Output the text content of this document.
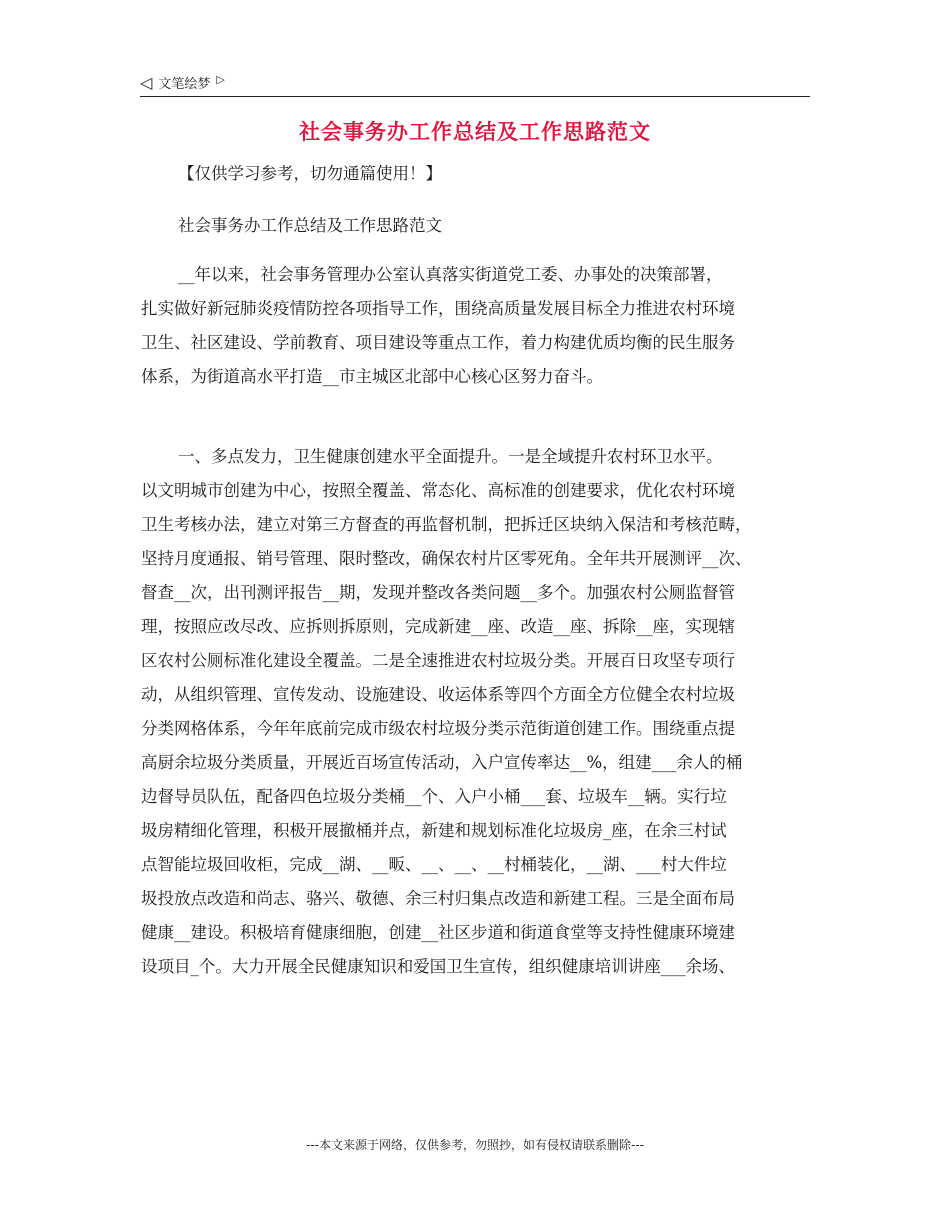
◁ 文笔绘梦 ▷
社会事务办工作总结及工作思路范文
【仅供学习参考，切勿通篇使用！】
社会事务办工作总结及工作思路范文
__年以来，社会事务管理办公室认真落实街道党工委、办事处的决策部署，
扎实做好新冠肺炎疫情防控各项指导工作，围绕高质量发展目标全力推进农村环境
卫生、社区建设、学前教育、项目建设等重点工作，着力构建优质均衡的民生服务
体系，为街道高水平打造__市主城区北部中心核心区努力奋斗。
一、多点发力，卫生健康创建水平全面提升。一是全域提升农村环卫水平。
以文明城市创建为中心，按照全覆盖、常态化、高标准的创建要求，优化农村环境
卫生考核办法，建立对第三方督查的再监督机制，把拆迁区块纳入保洁和考核范畴，
坚持月度通报、销号管理、限时整改，确保农村片区零死角。全年共开展测评__次、
督查__次，出刊测评报告__期，发现并整改各类问题__多个。加强农村公厕监督管
理，按照应改尽改、应拆则拆原则，完成新建__座、改造__座、拆除__座，实现辖
区农村公厕标准化建设全覆盖。二是全速推进农村垃圾分类。开展百日攻坚专项行
动，从组织管理、宣传发动、设施建设、收运体系等四个方面全方位健全农村垃圾
分类网格体系，今年年底前完成市级农村垃圾分类示范街道创建工作。围绕重点提
高厨余垃圾分类质量，开展近百场宣传活动，入户宣传率达__%，组建___余人的桶
边督导员队伍，配备四色垃圾分类桶__个、入户小桶___套、垃圾车__辆。实行垃
圾房精细化管理，积极开展撤桶并点，新建和规划标准化垃圾房_座，在余三村试
点智能垃圾回收柜，完成__湖、__畈、__、__、__村桶装化，__湖、___村大件垃
圾投放点改造和尚志、骆兴、敬德、余三村归集点改造和新建工程。三是全面布局
健康__建设。积极培育健康细胞，创建__社区步道和街道食堂等支持性健康环境建
设项目_个。大力开展全民健康知识和爱国卫生宣传，组织健康培训讲座___余场、
---本文来源于网络，仅供参考，勿照抄，如有侵权请联系删除---
